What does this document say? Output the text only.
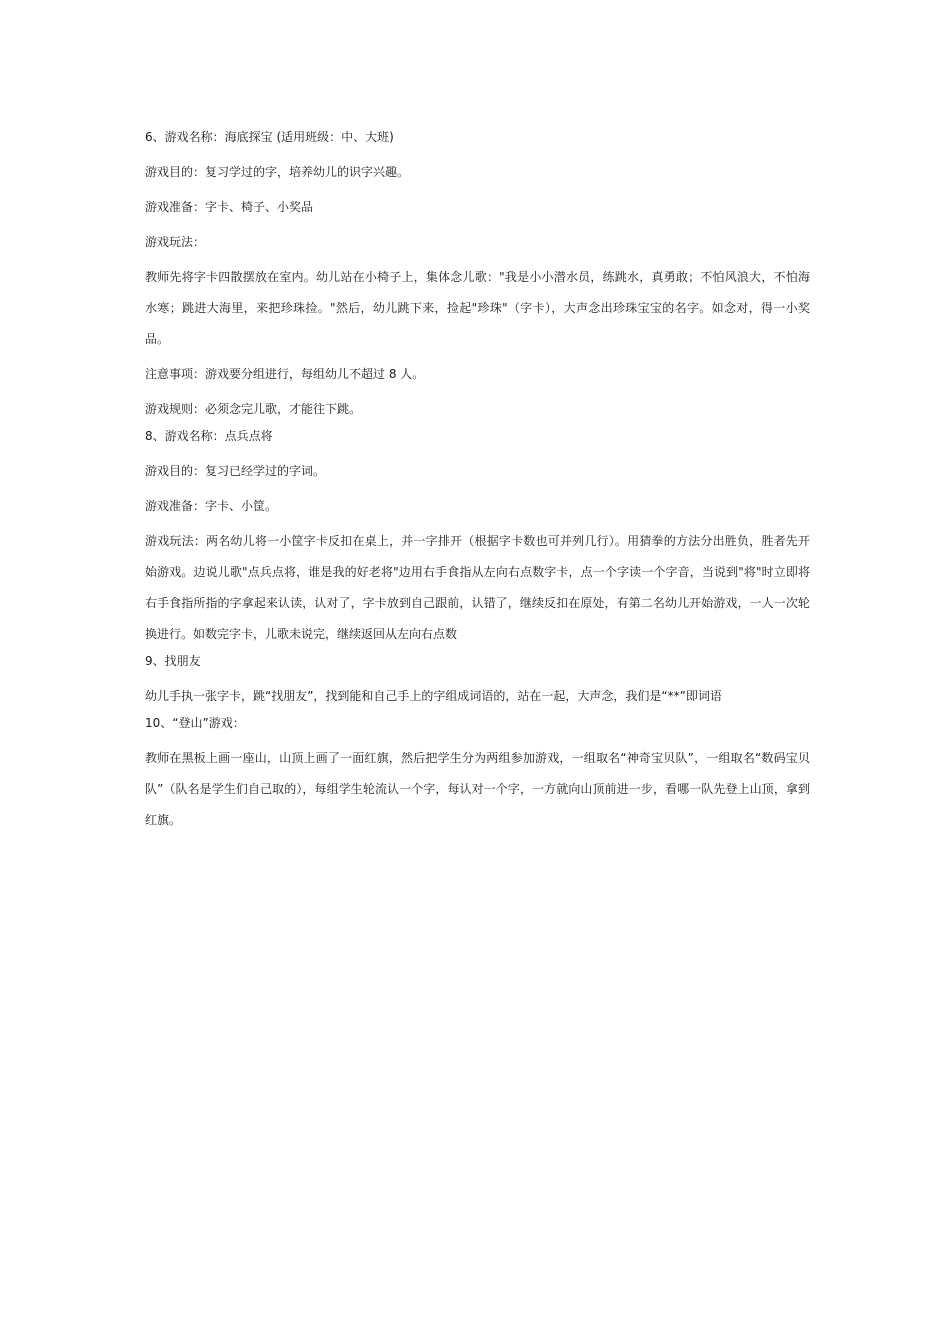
6、游戏名称：海底探宝 (适用班级：中、大班)

游戏目的：复习学过的字，培养幼儿的识字兴趣。

游戏准备：字卡、椅子、小奖品

游戏玩法：

教师先将字卡四散摆放在室内。幼儿站在小椅子上，集体念儿歌："我是小小潜水员，练跳水，真勇敢；不怕风浪大，不怕海水寒；跳进大海里，来把珍珠捡。"然后，幼儿跳下来，捡起"珍珠"（字卡），大声念出珍珠宝宝的名字。如念对，得一小奖品。

注意事项：游戏要分组进行，每组幼儿不超过 8 人。

游戏规则：必须念完儿歌，才能往下跳。

8、游戏名称：点兵点将

游戏目的：复习已经学过的字词。

游戏准备：字卡、小筐。

游戏玩法：两名幼儿将一小筐字卡反扣在桌上，并一字排开（根据字卡数也可并列几行）。用猜拳的方法分出胜负，胜者先开始游戏。边说儿歌"点兵点将，谁是我的好老将"边用右手食指从左向右点数字卡，点一个字读一个字音，当说到"将"时立即将右手食指所指的字拿起来认读，认对了，字卡放到自己跟前，认错了，继续反扣在原处，有第二名幼儿开始游戏，一人一次轮换进行。如数完字卡，儿歌未说完，继续返回从左向右点数

9、找朋友

幼儿手执一张字卡，跳“找朋友”，找到能和自己手上的字组成词语的，站在一起，大声念，我们是“**”即词语

10、“登山”游戏：

教师在黑板上画一座山，山顶上画了一面红旗，然后把学生分为两组参加游戏，一组取名“神奇宝贝队”，一组取名“数码宝贝队”（队名是学生们自己取的），每组学生轮流认一个字，每认对一个字，一方就向山顶前进一步，看哪一队先登上山顶，拿到红旗。
